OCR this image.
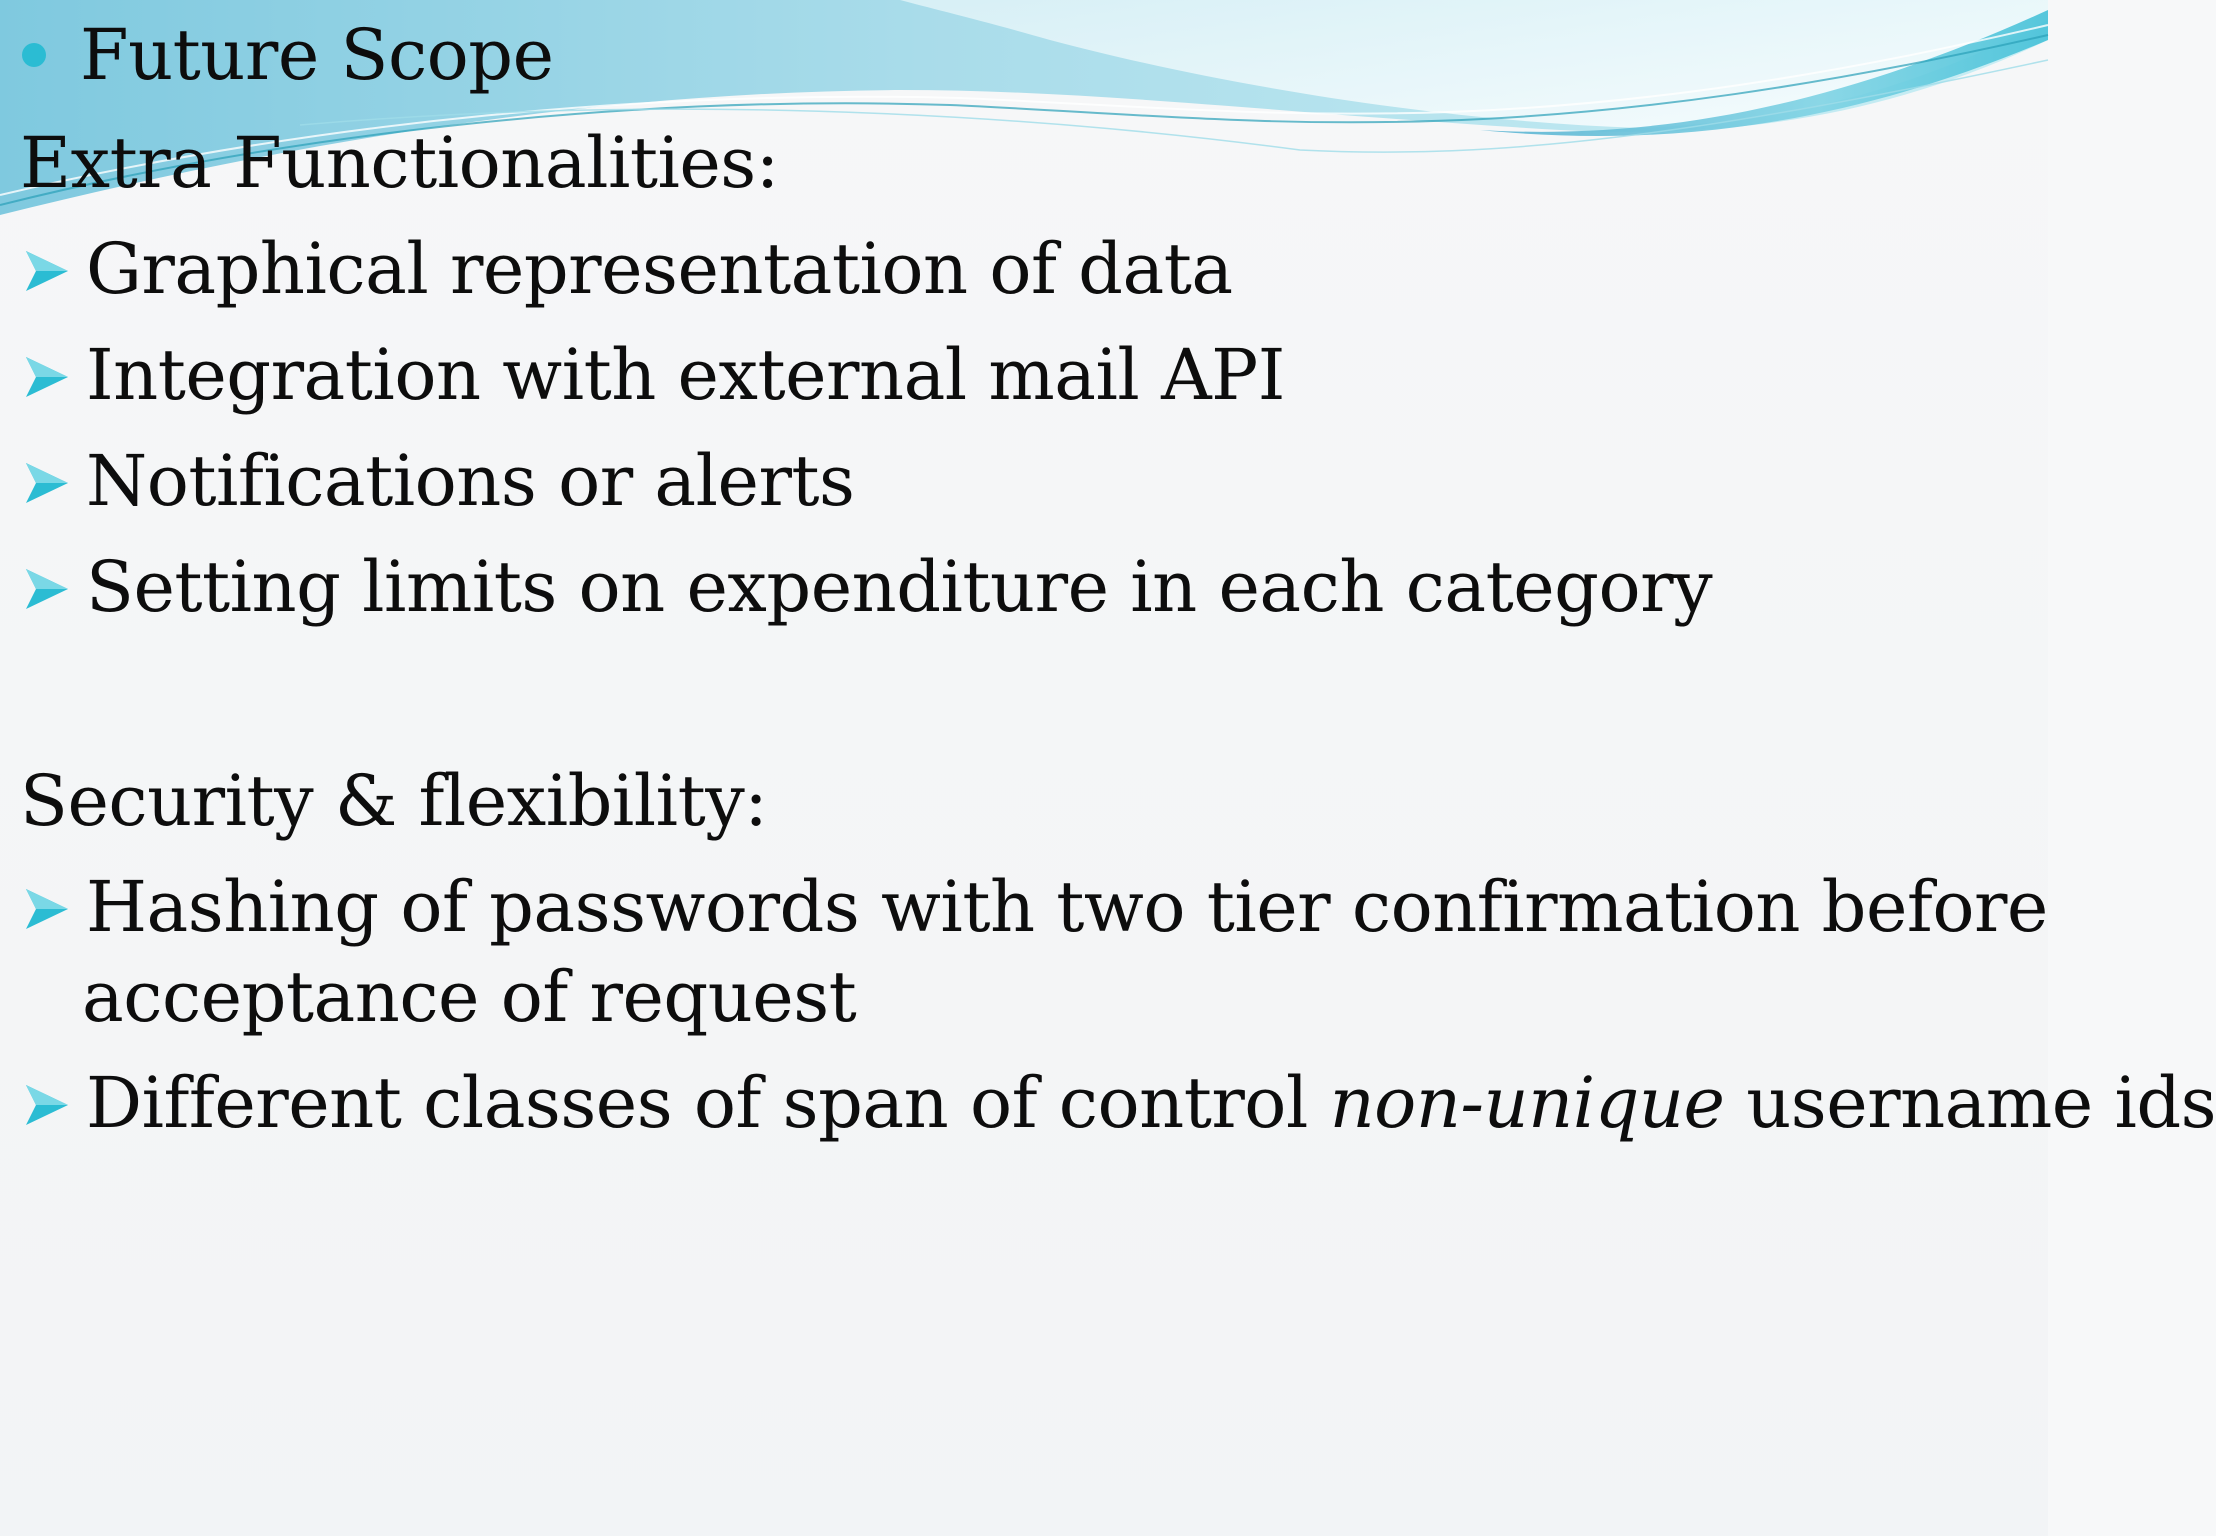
Future Scope
Extra Functionalities:
Graphical representation of data
Integration with external mail API
Notifications or alerts
Setting limits on expenditure in each category
Security & flexibility:
Hashing of passwords with two tier confirmation before
acceptance of request
Different classes of span of control non-unique username ids
